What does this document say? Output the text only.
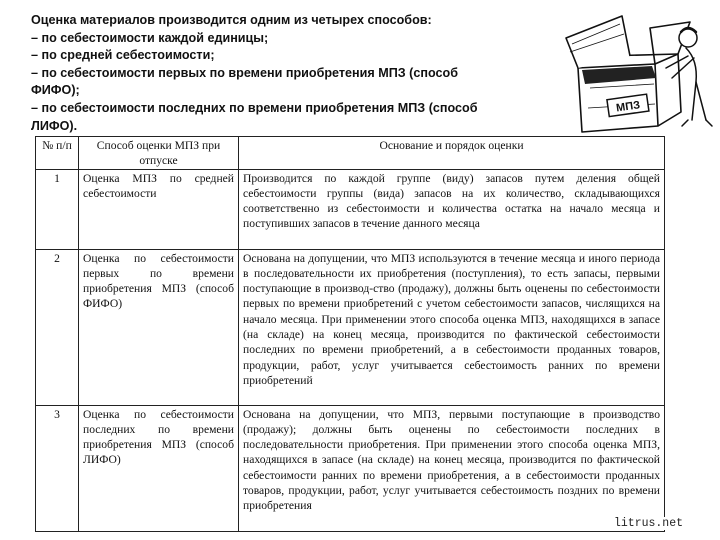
Оценка материалов производится одним из четырех способов:
– по себестоимости каждой единицы;
– по средней себестоимости;
– по себестоимости первых по времени приобретения МПЗ (способ
ФИФО);
– по себестоимости последних по времени приобретения МПЗ (способ
ЛИФО).
МПЗ
№ п/п	Способ оценки МПЗ при отпуске	Основание и порядок оценки
1	Оценка МПЗ по средней себестоимости	Производится по каждой группе (виду) запасов путем деления общей себестоимости группы (вида) запасов на их количество, складывающихся соответственно из себестоимости и количества остатка на начало месяца и поступивших запасов в течение данного месяца
2	Оценка по себестоимости первых по времени приобретения МПЗ (способ ФИФО)	Основана на допущении, что МПЗ используются в течение месяца и иного периода в последовательности их приобретения (поступления), то есть запасы, первыми поступающие в производ-ство (продажу), должны быть оценены по себестоимости первых по времени приобретений с учетом себестоимости запасов, числящихся на начало месяца. При применении этого способа оценка МПЗ, находящихся в запасе (на складе) на конец месяца, производится по фактической себестоимости последних по времени приобретений, а в себестоимости проданных товаров, продукции, работ, услуг учитывается себестоимость ранних по времени приобретений
3	Оценка по себестоимости последних по времени приобретения МПЗ (способ ЛИФО)	Основана на допущении, что МПЗ, первыми поступающие в производство (продажу); должны быть оценены по себестоимости последних в последовательности приобретения. При применении этого способа оценка МПЗ, находящихся в запасе (на складе) на конец месяца, производится по фактической себестоимости ранних по времени приобретения, а в себестоимости проданных товаров, продукции, работ, услуг учитывается себестоимость поздних по времени приобретения
litrus.net
